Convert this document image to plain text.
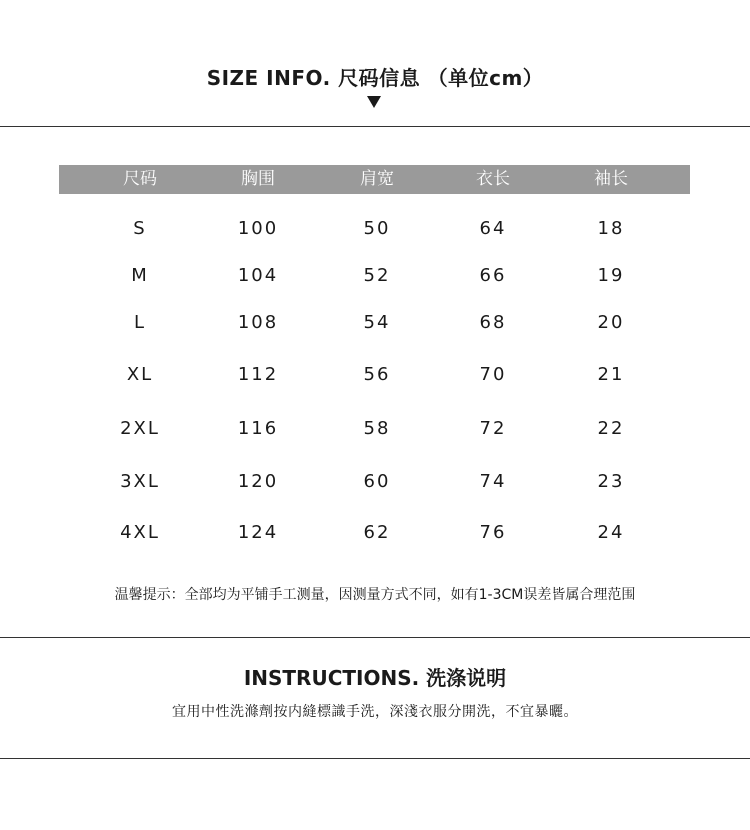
SIZE INFO. 尺码信息 （单位cm）
尺码	胸围	肩宽	衣长	袖长
S	100	50	64	18
M	104	52	66	19
L	108	54	68	20
XL	112	56	70	21
2XL	116	58	72	22
3XL	120	60	74	23
4XL	124	62	76	24
温馨提示：全部均为平铺手工测量，因测量方式不同，如有1-3CM误差皆属合理范围
INSTRUCTIONS. 洗涤说明
宜用中性洗滌劑按内縫標識手洗，深淺衣服分開洗，不宜暴曬。
